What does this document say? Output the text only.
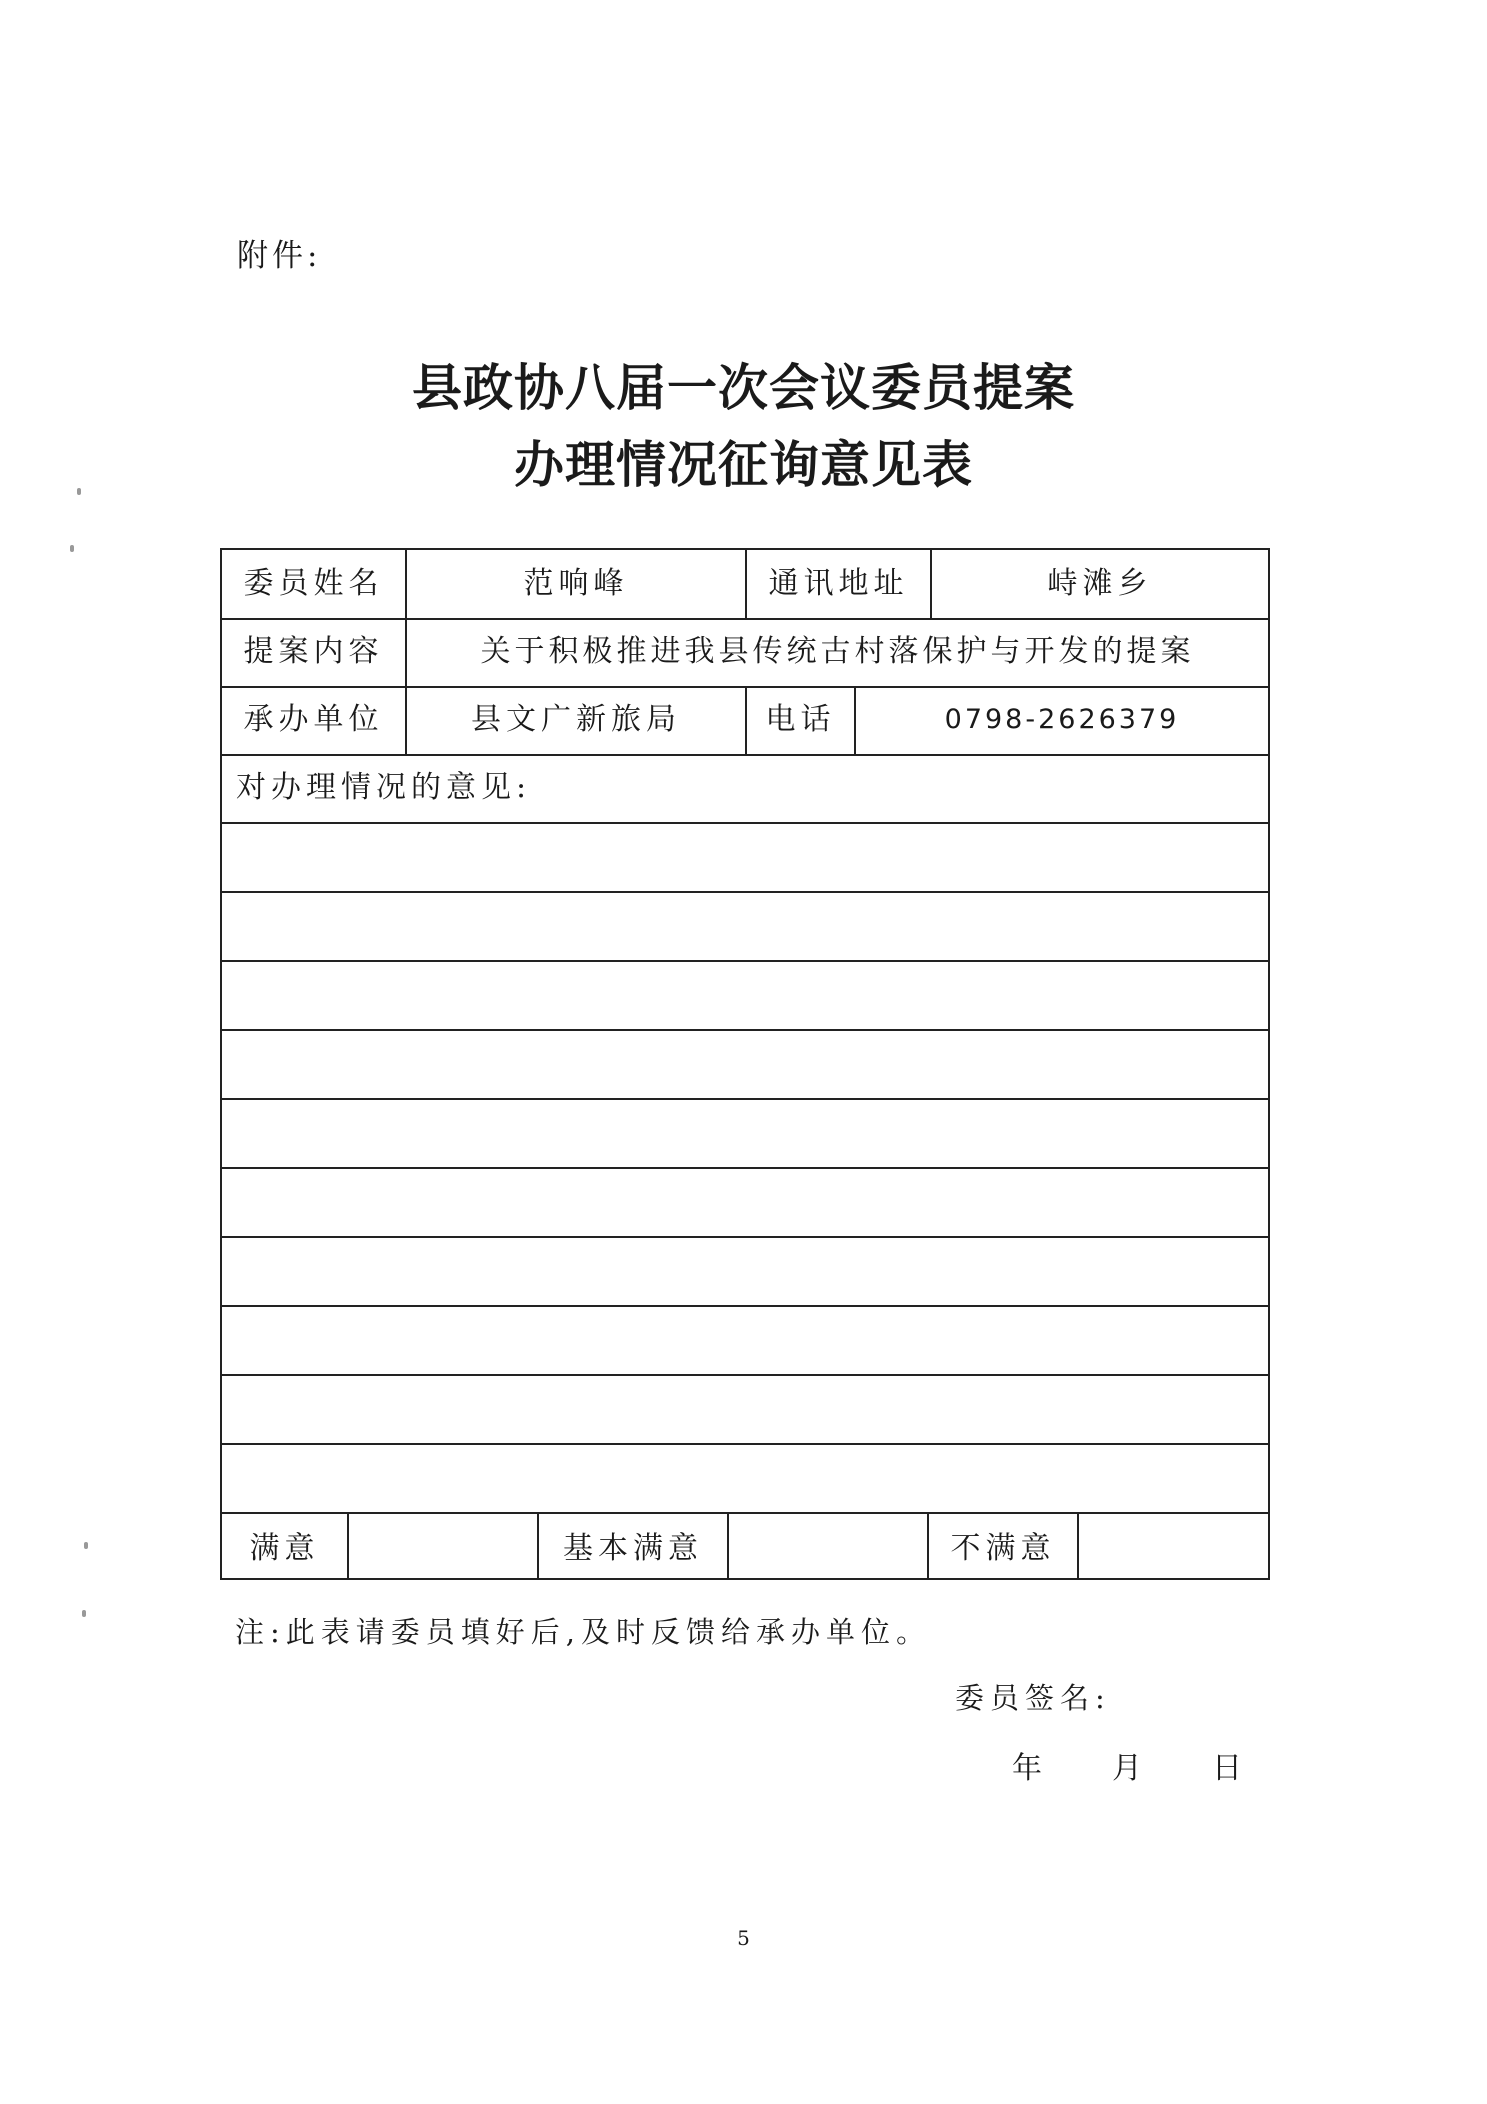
附件:
县政协八届一次会议委员提案
办理情况征询意见表
委员姓名	范响峰	通讯地址	峙滩乡
提案内容	关于积极推进我县传统古村落保护与开发的提案
承办单位	县文广新旅局	电话	0798-2626379
对办理情况的意见:
满意	基本满意	不满意
注:此表请委员填好后,及时反馈给承办单位。
委员签名:
年 月 日
5
